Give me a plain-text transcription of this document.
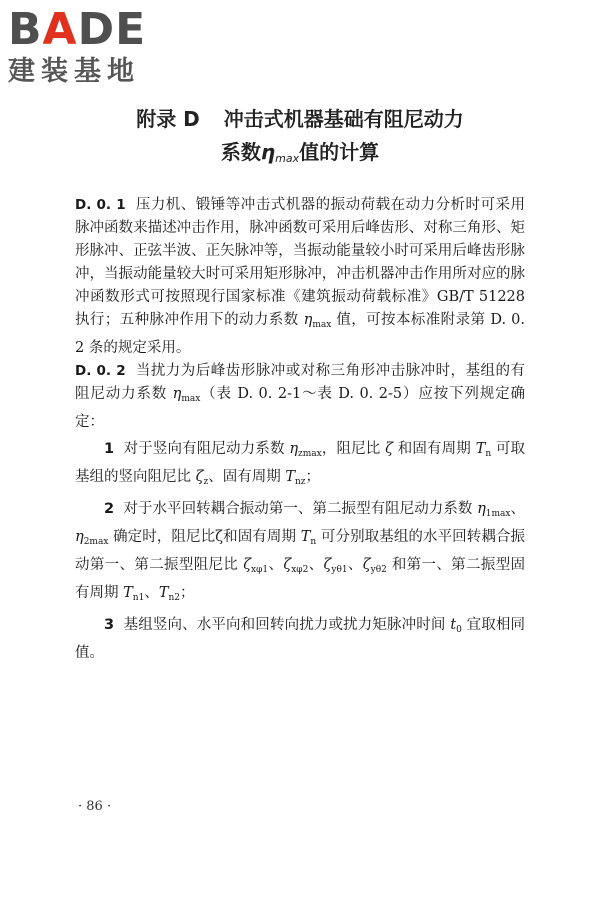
BADE
建装基地
附录 D 冲击式机器基础有阻尼动力
系数$\eta_{max}$值的计算

D. 0. 1 压力机、锻锤等冲击式机器的振动荷载在动力分析时可采用脉冲函数来描述冲击作用，脉冲函数可采用后峰齿形、对称三角形、矩形脉冲、正弦半波、正矢脉冲等，当振动能量较小时可采用后峰齿形脉冲，当振动能量较大时可采用矩形脉冲，冲击机器冲击作用所对应的脉冲函数形式可按照现行国家标准《建筑振动荷载标准》GB/T 51228 执行；五种脉冲作用下的动力系数 $\eta_{max}$ 值，可按本标准附录第 D. 0. 2 条的规定采用。

D. 0. 2 当扰力为后峰齿形脉冲或对称三角形冲击脉冲时，基组的有阻尼动力系数 $\eta_{max}$（表 D. 0. 2-1～表 D. 0. 2-5）应按下列规定确定：

1 对于竖向有阻尼动力系数 $\eta_{zmax}$，阻尼比 ζ 和固有周期 $T_n$ 可取基组的竖向阻尼比 $\zeta_z$、固有周期 $T_{nz}$；

2 对于水平回转耦合振动第一、第二振型有阻尼动力系数 $\eta_{1max}$、$\eta_{2max}$ 确定时，阻尼比ζ和固有周期 $T_n$ 可分别取基组的水平回转耦合振动第一、第二振型阻尼比 $\zeta_{x\varphi 1}$、$\zeta_{x\varphi 2}$、$\zeta_{y\theta 1}$、$\zeta_{y\theta 2}$ 和第一、第二振型固有周期 $T_{n1}$、$T_{n2}$；

3 基组竖向、水平向和回转向扰力或扰力矩脉冲时间 $t_0$ 宜取相同值。

· 86 ·
